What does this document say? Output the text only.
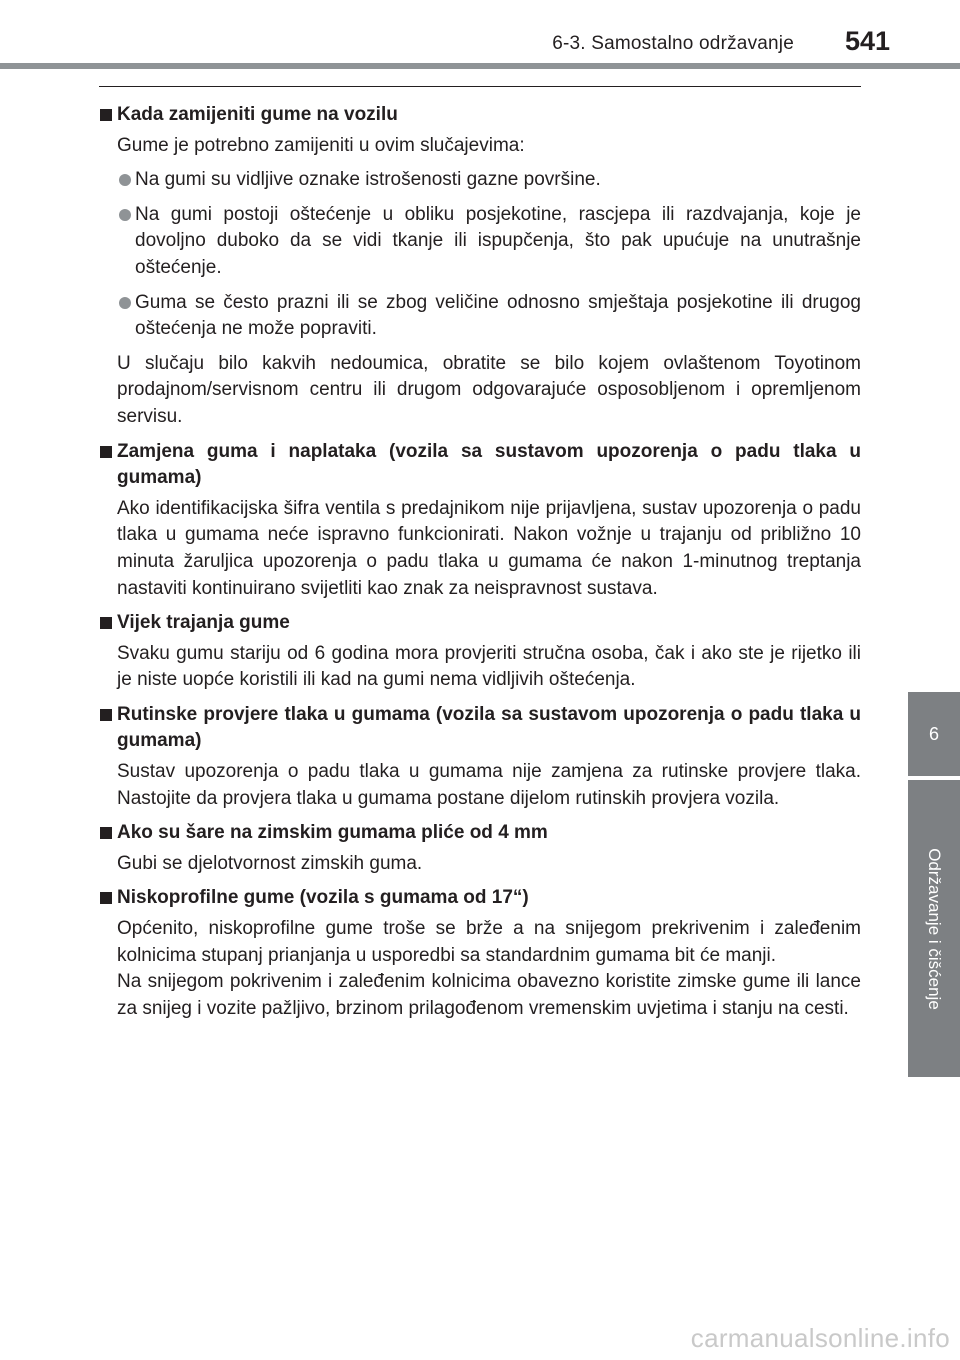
6-3. Samostalno održavanje 541
6
Održavanje i čišćenje
Kada zamijeniti gume na vozilu
Gume je potrebno zamijeniti u ovim slučajevima:
Na gumi su vidljive oznake istrošenosti gazne površine.
Na gumi postoji oštećenje u obliku posjekotine, rascjepa ili razdvajanja, koje je dovoljno duboko da se vidi tkanje ili ispupčenja, što pak upućuje na unutrašnje oštećenje.
Guma se često prazni ili se zbog veličine odnosno smještaja posjekotine ili drugog oštećenja ne može popraviti.
U slučaju bilo kakvih nedoumica, obratite se bilo kojem ovlaštenom Toyotinom prodajnom/servisnom centru ili drugom odgovarajuće osposobljenom i opremljenom servisu.
Zamjena guma i naplataka (vozila sa sustavom upozorenja o padu tlaka u gumama)
Ako identifikacijska šifra ventila s predajnikom nije prijavljena, sustav upozorenja o padu tlaka u gumama neće ispravno funkcionirati. Nakon vožnje u trajanju od približno 10 minuta žaruljica upozorenja o padu tlaka u gumama će nakon 1-minutnog treptanja nastaviti kontinuirano svijetliti kao znak za neispravnost sustava.
Vijek trajanja gume
Svaku gumu stariju od 6 godina mora provjeriti stručna osoba, čak i ako ste je rijetko ili je niste uopće koristili ili kad na gumi nema vidljivih oštećenja.
Rutinske provjere tlaka u gumama (vozila sa sustavom upozorenja o padu tlaka u gumama)
Sustav upozorenja o padu tlaka u gumama nije zamjena za rutinske provjere tlaka. Nastojite da provjera tlaka u gumama postane dijelom rutinskih provjera vozila.
Ako su šare na zimskim gumama pliće od 4 mm
Gubi se djelotvornost zimskih guma.
Niskoprofilne gume (vozila s gumama od 17“)
Općenito, niskoprofilne gume troše se brže a na snijegom prekrivenim i zaleđenim kolnicima stupanj prianjanja u usporedbi sa standardnim gumama bit će manji.
Na snijegom pokrivenim i zaleđenim kolnicima obavezno koristite zimske gume ili lance za snijeg i vozite pažljivo, brzinom prilagođenom vremenskim uvjetima i stanju na cesti.
carmanualsonline.info
